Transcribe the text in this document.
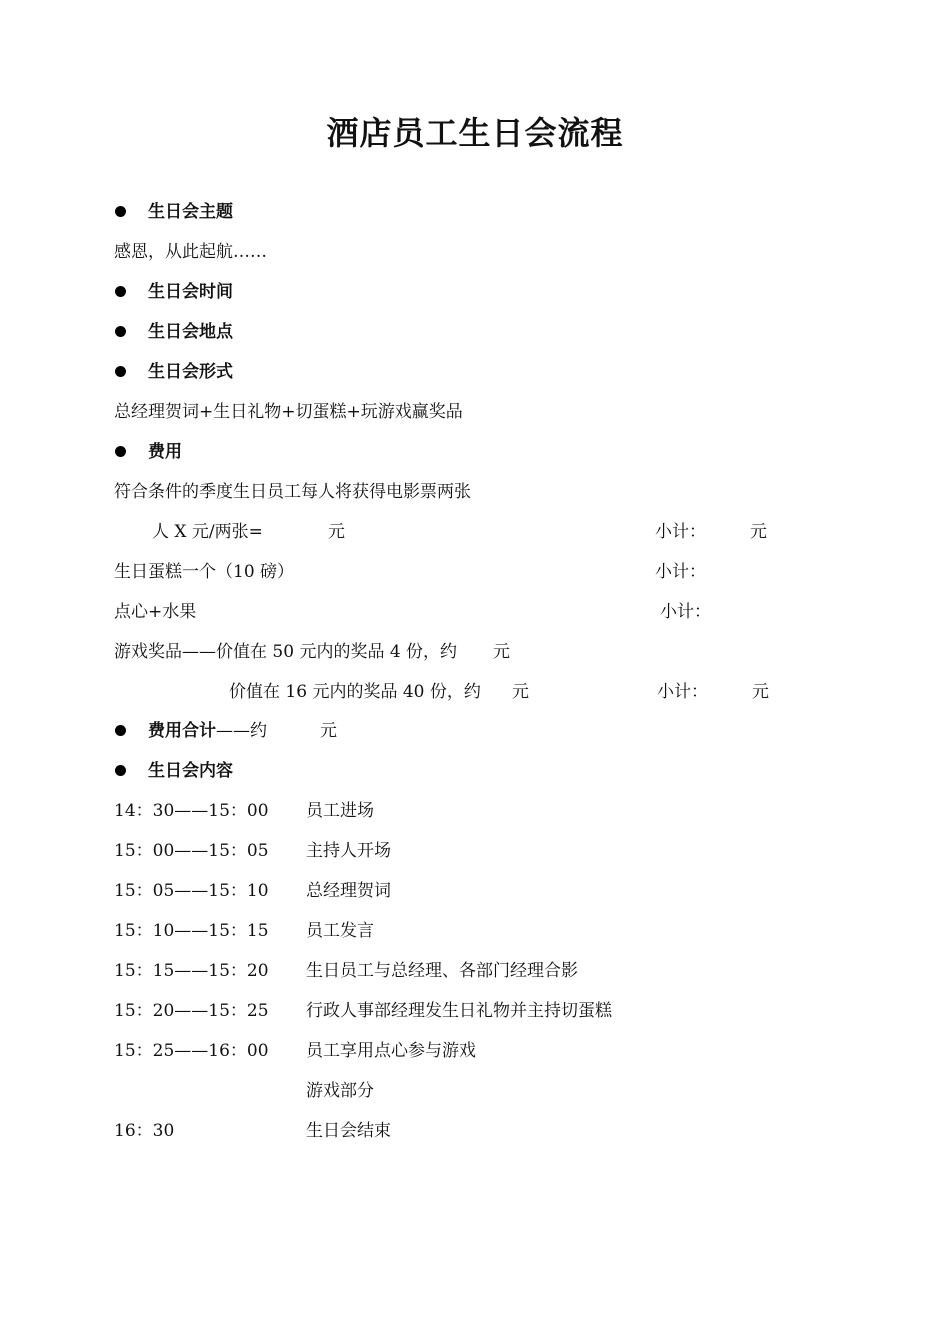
酒店员工生日会流程
生日会主题
感恩，从此起航……
生日会时间
生日会地点
生日会形式
总经理贺词+生日礼物+切蛋糕+玩游戏赢奖品
费用
符合条件的季度生日员工每人将获得电影票两张
人 X 元/两张=	元	小计：	元
生日蛋糕一个（10 磅）	小计：
点心+水果	小计：
游戏奖品——价值在 50 元内的奖品 4 份，约 元
价值在 16 元内的奖品 40 份，约 元	小计：	元
费用合计——约	元
生日会内容
14：30——15：00 员工进场
15：00——15：05 主持人开场
15：05——15：10 总经理贺词
15：10——15：15 员工发言
15：15——15：20 生日员工与总经理、各部门经理合影
15：20——15：25 行政人事部经理发生日礼物并主持切蛋糕
15：25——16：00 员工享用点心参与游戏
游戏部分
16：30	生日会结束
